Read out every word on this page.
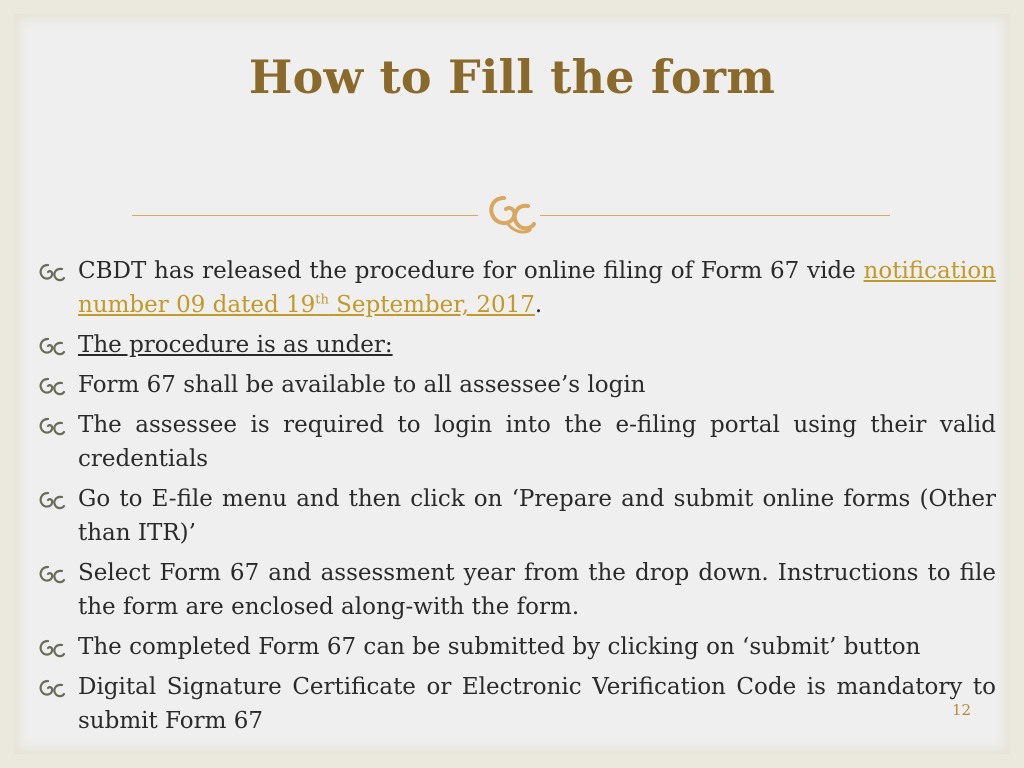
How to Fill the form
CBDT has released the procedure for online filing of Form 67 vide notification number 09 dated 19th September, 2017.
The procedure is as under:
Form 67 shall be available to all assessee’s login
The assessee is required to login into the e-filing portal using their valid credentials
Go to E-file menu and then click on ‘Prepare and submit online forms (Other than ITR)’
Select Form 67 and assessment year from the drop down. Instructions to file the form are enclosed along-with the form.
The completed Form 67 can be submitted by clicking on ‘submit’ button
Digital Signature Certificate or Electronic Verification Code is mandatory to submit Form 67	12
